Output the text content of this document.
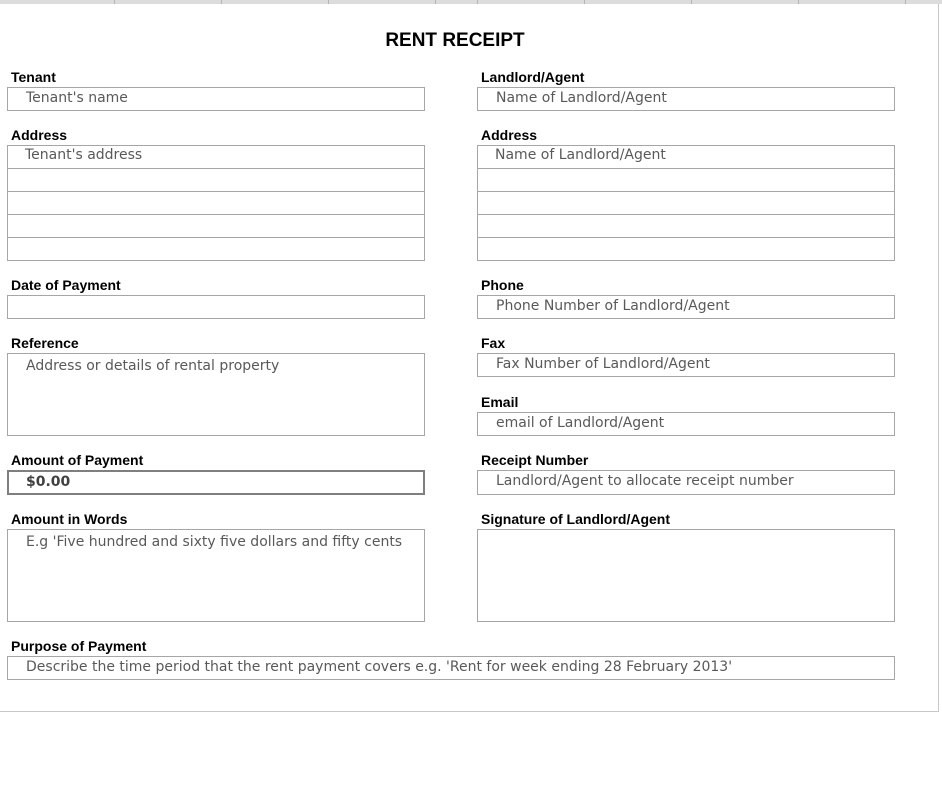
RENT RECEIPT
Tenant
Tenant's name
Address
Tenant's address
Date of Payment
Reference
Address or details of rental property
Amount of Payment
$0.00
Amount in Words
E.g 'Five hundred and sixty five dollars and fifty cents
Purpose of Payment
Describe the time period that the rent payment covers e.g. 'Rent for week ending 28 February 2013'
Landlord/Agent
Name of Landlord/Agent
Address
Name of Landlord/Agent
Phone
Phone Number of Landlord/Agent
Fax
Fax Number of Landlord/Agent
Email
email of Landlord/Agent
Receipt Number
Landlord/Agent to allocate receipt number
Signature of Landlord/Agent
